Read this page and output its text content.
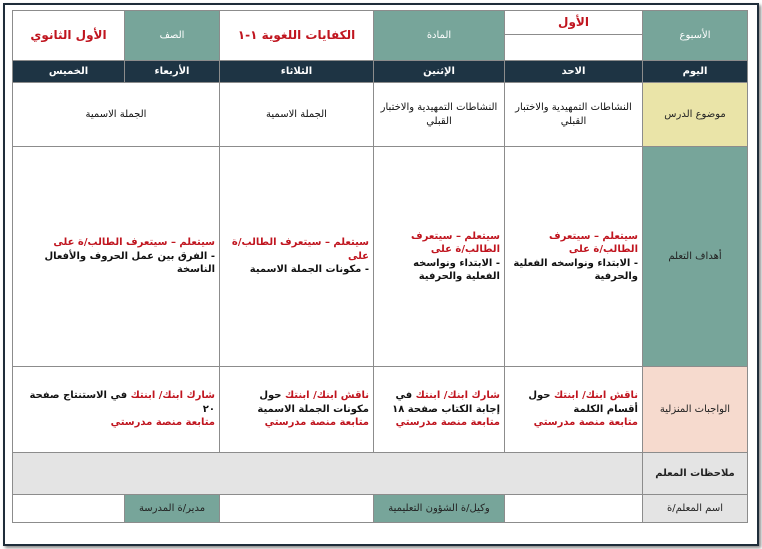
الأسبوع	الأول	المادة	الكفايات اللغوية ١-١	الصف	الأول الثانوي

اليوم	الاحد	الإثنين	الثلاثاء	الأربعاء	الخميس
موضوع الدرس	النشاطات التمهيدية والاختبار القبلي	النشاطات التمهيدية والاختبار القبلي	الجملة الاسمية	الجملة الاسمية	
أهداف التعلم	سيتعلم – سيتعرف الطالب/ة على
- الابتداء ونواسخه الفعلية والحرفية	سيتعلم – سيتعرف الطالب/ة على
- الابتداء ونواسخه الفعلية والحرفية	سيتعلم – سيتعرف الطالب/ة على
- مكونات الجملة الاسمية	سيتعلم – سيتعرف الطالب/ة على
- الفرق بين عمل الحروف والأفعال الناسخة	

الواجبات المنزلية	ناقش ابنك/ ابنتك حول أقسام الكلمة
متابعة منصة مدرستي	شارك ابنك/ ابنتك في إجابة الكتاب صفحة ١٨
متابعة منصة مدرستي	ناقش ابنك/ ابنتك حول مكونات الجملة الاسمية
متابعة منصة مدرستي	شارك ابنك/ ابنتك في الاستنتاج صفحة ٢٠
متابعة منصة مدرستي	

ملاحظات المعلم					
اسم المعلم/ة		وكيل/ة الشؤون التعليمية		مدير/ة المدرسة	
